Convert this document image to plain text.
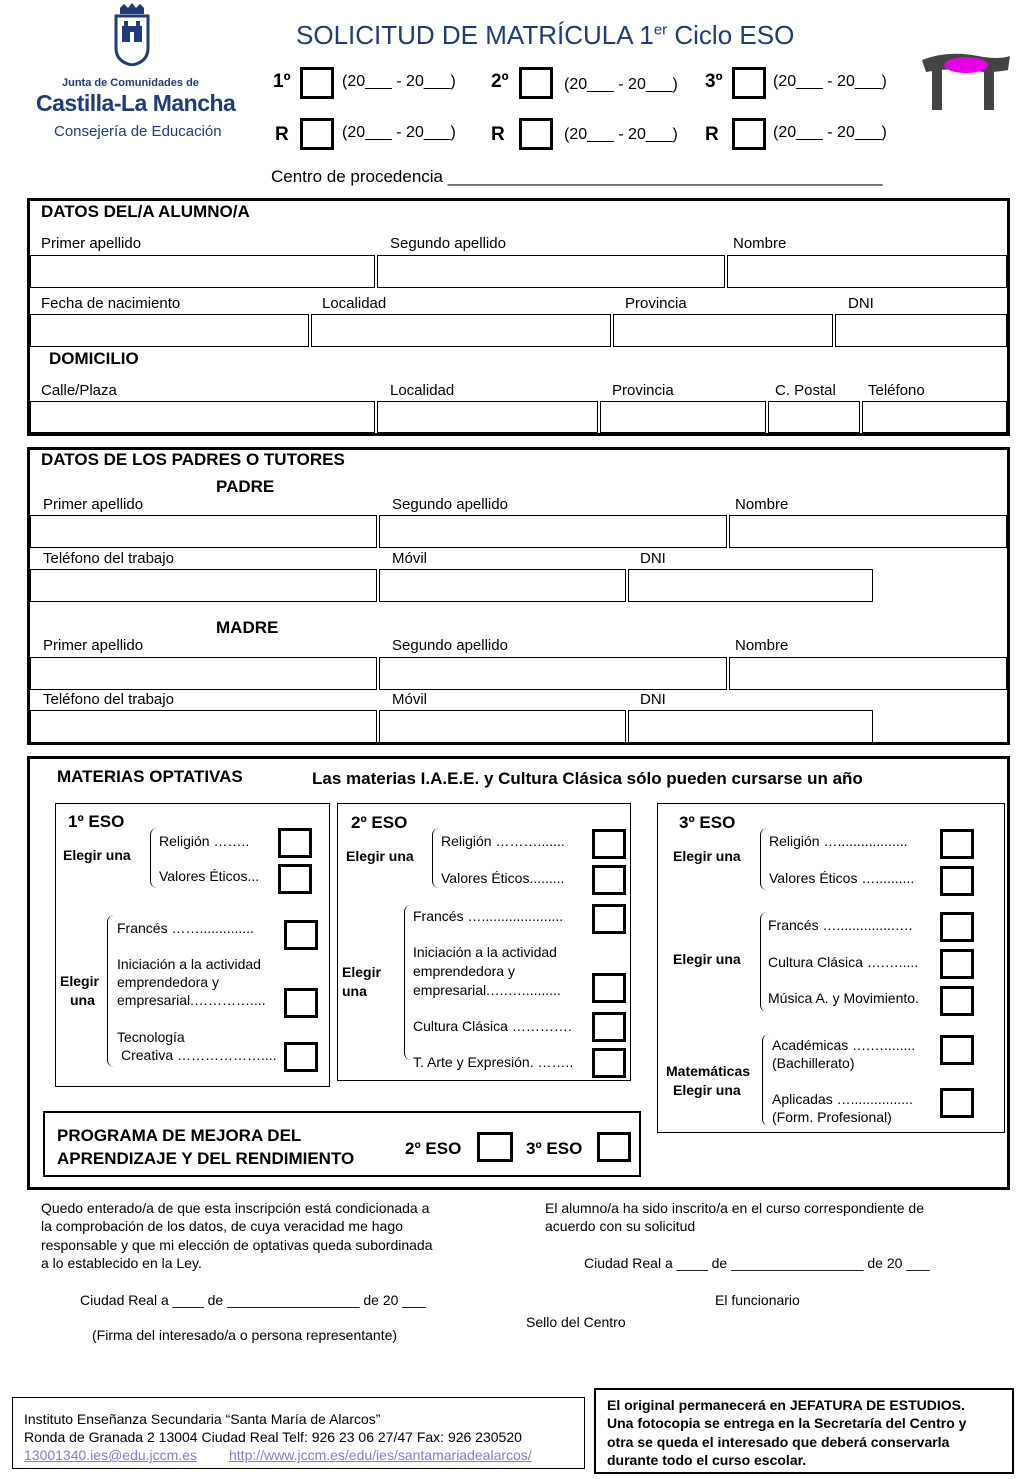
Junta de Comunidades de
Castilla-La Mancha
Consejería de Educación
SOLICITUD DE MATRÍCULA 1er Ciclo ESO
1º	(20___ - 20___) 2º	(20___ - 20___) 3º	(20___ - 20___)
R	(20___ - 20___) R	(20___ - 20___) R	(20___ - 20___)
Centro de procedencia ______________________________________________
DATOS DEL/A ALUMNO/A
Primer apellido	Segundo apellido	Nombre
Fecha de nacimiento	Localidad	Provincia	DNI
DOMICILIO
Calle/Plaza	Localidad	Provincia	C. Postal Teléfono
DATOS DE LOS PADRES O TUTORES
PADRE
Primer apellido	Segundo apellido	Nombre
Teléfono del trabajo	Móvil	DNI
MADRE
Primer apellido	Segundo apellido	Nombre
Teléfono del trabajo	Móvil	DNI
MATERIAS OPTATIVAS	Las materias I.A.E.E. y Cultura Clásica sólo pueden cursarse un año
1º ESO
Elegir una
Religión ……..
Valores Éticos...
Elegir
una
Francés ……..............
Iniciación a la actividad
emprendedora y
empresarial.…………....
Tecnología
Creativa ………………....
2º ESO
Elegir una
Religión ……….......
Valores Éticos.........
Elegir
una
Francés ….....................
Iniciación a la actividad
emprendedora y
empresarial.….…..........
Cultura Clásica ………….
T. Arte y Expresión. ……..
3º ESO
Elegir una
Religión …..................
Valores Éticos …..........
Elegir una
Francés …...............….
Cultura Clásica ….….....
Música A. y Movimiento.
Matemáticas
Elegir una
Académicas ….…........
(Bachillerato)
Aplicadas …................
(Form. Profesional)
PROGRAMA DE MEJORA DEL
APRENDIZAJE Y DEL RENDIMIENTO
2º ESO	3º ESO
Quedo enterado/a de que esta inscripción está condicionada a
la comprobación de los datos, de cuya veracidad me hago
responsable y que mi elección de optativas queda subordinada
a lo establecido en la Ley.
Ciudad Real a ____ de _________________ de 20 ___
(Firma del interesado/a o persona representante)
El alumno/a ha sido inscrito/a en el curso correspondiente de
acuerdo con su solicitud
Ciudad Real a ____ de _________________ de 20 ___
El funcionario
Sello del Centro
Instituto Enseñanza Secundaria “Santa María de Alarcos”
Ronda de Granada 2 13004 Ciudad Real Telf: 926 23 06 27/47 Fax: 926 230520
13001340.ies@edu.jccm.es http://www.jccm.es/edu/ies/santamariadealarcos/
El original permanecerá en JEFATURA DE ESTUDIOS.
Una fotocopia se entrega en la Secretaría del Centro y
otra se queda el interesado que deberá conservarla
durante todo el curso escolar.
